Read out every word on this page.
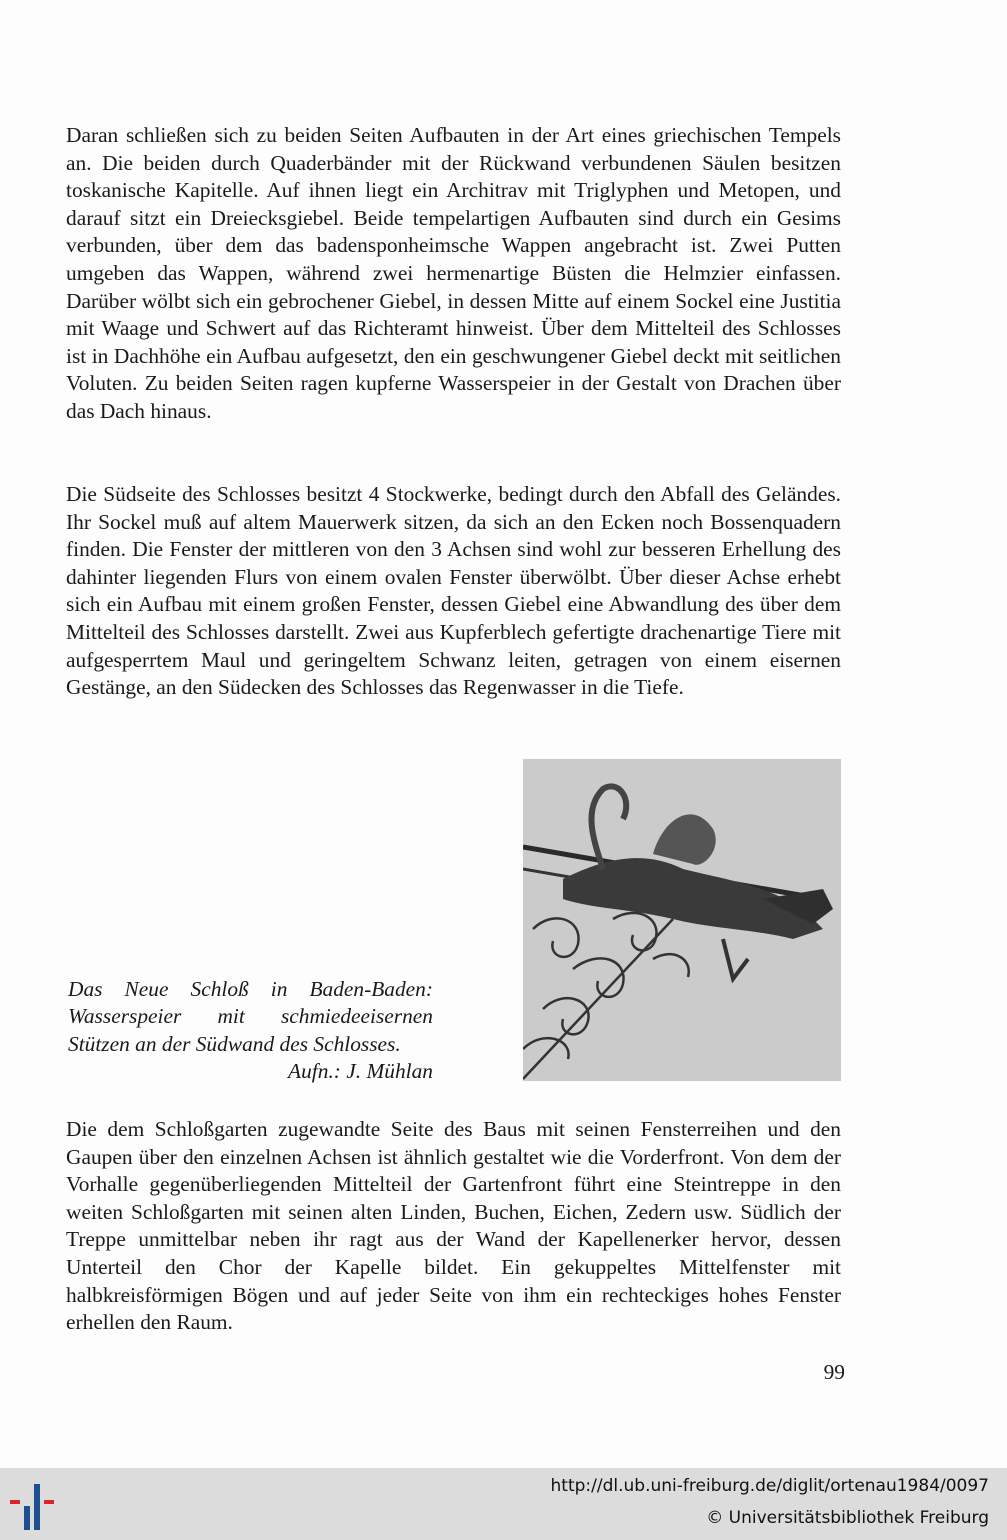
Daran schließen sich zu beiden Seiten Aufbauten in der Art eines griechischen Tempels an. Die beiden durch Quaderbänder mit der Rückwand verbundenen Säulen besitzen toskanische Kapitelle. Auf ihnen liegt ein Architrav mit Triglyphen und Metopen, und darauf sitzt ein Dreiecksgiebel. Beide tempelartigen Aufbauten sind durch ein Gesims verbunden, über dem das badensponheimsche Wappen angebracht ist. Zwei Putten umgeben das Wappen, während zwei hermenartige Büsten die Helmzier einfassen. Darüber wölbt sich ein gebrochener Giebel, in dessen Mitte auf einem Sockel eine Justitia mit Waage und Schwert auf das Richteramt hinweist. Über dem Mittelteil des Schlosses ist in Dachhöhe ein Aufbau aufgesetzt, den ein geschwungener Giebel deckt mit seitlichen Voluten. Zu beiden Seiten ragen kupferne Wasserspeier in der Gestalt von Drachen über das Dach hinaus.

Die Südseite des Schlosses besitzt 4 Stockwerke, bedingt durch den Abfall des Geländes. Ihr Sockel muß auf altem Mauerwerk sitzen, da sich an den Ecken noch Bossenquadern finden. Die Fenster der mittleren von den 3 Achsen sind wohl zur besseren Erhellung des dahinter liegenden Flurs von einem ovalen Fenster überwölbt. Über dieser Achse erhebt sich ein Aufbau mit einem großen Fenster, dessen Giebel eine Abwandlung des über dem Mittelteil des Schlosses darstellt. Zwei aus Kupferblech gefertigte drachenartige Tiere mit aufgesperrtem Maul und geringeltem Schwanz leiten, getragen von einem eisernen Gestänge, an den Südecken des Schlosses das Regenwasser in die Tiefe.

Das Neue Schloß in Baden-Baden: Wasserspeier mit schmiedeeisernen Stützen an der Südwand des Schlosses.
Aufn.: J. Mühlan

Die dem Schloßgarten zugewandte Seite des Baus mit seinen Fensterreihen und den Gaupen über den einzelnen Achsen ist ähnlich gestaltet wie die Vorderfront. Von dem der Vorhalle gegenüberliegenden Mittelteil der Gartenfront führt eine Steintreppe in den weiten Schloßgarten mit seinen alten Linden, Buchen, Eichen, Zedern usw. Südlich der Treppe unmittelbar neben ihr ragt aus der Wand der Kapellenerker hervor, dessen Unterteil den Chor der Kapelle bildet. Ein gekuppeltes Mittelfenster mit halbkreisförmigen Bögen und auf jeder Seite von ihm ein rechteckiges hohes Fenster erhellen den Raum.

99
http://dl.ub.uni-freiburg.de/diglit/ortenau1984/0097
© Universitätsbibliothek Freiburg
